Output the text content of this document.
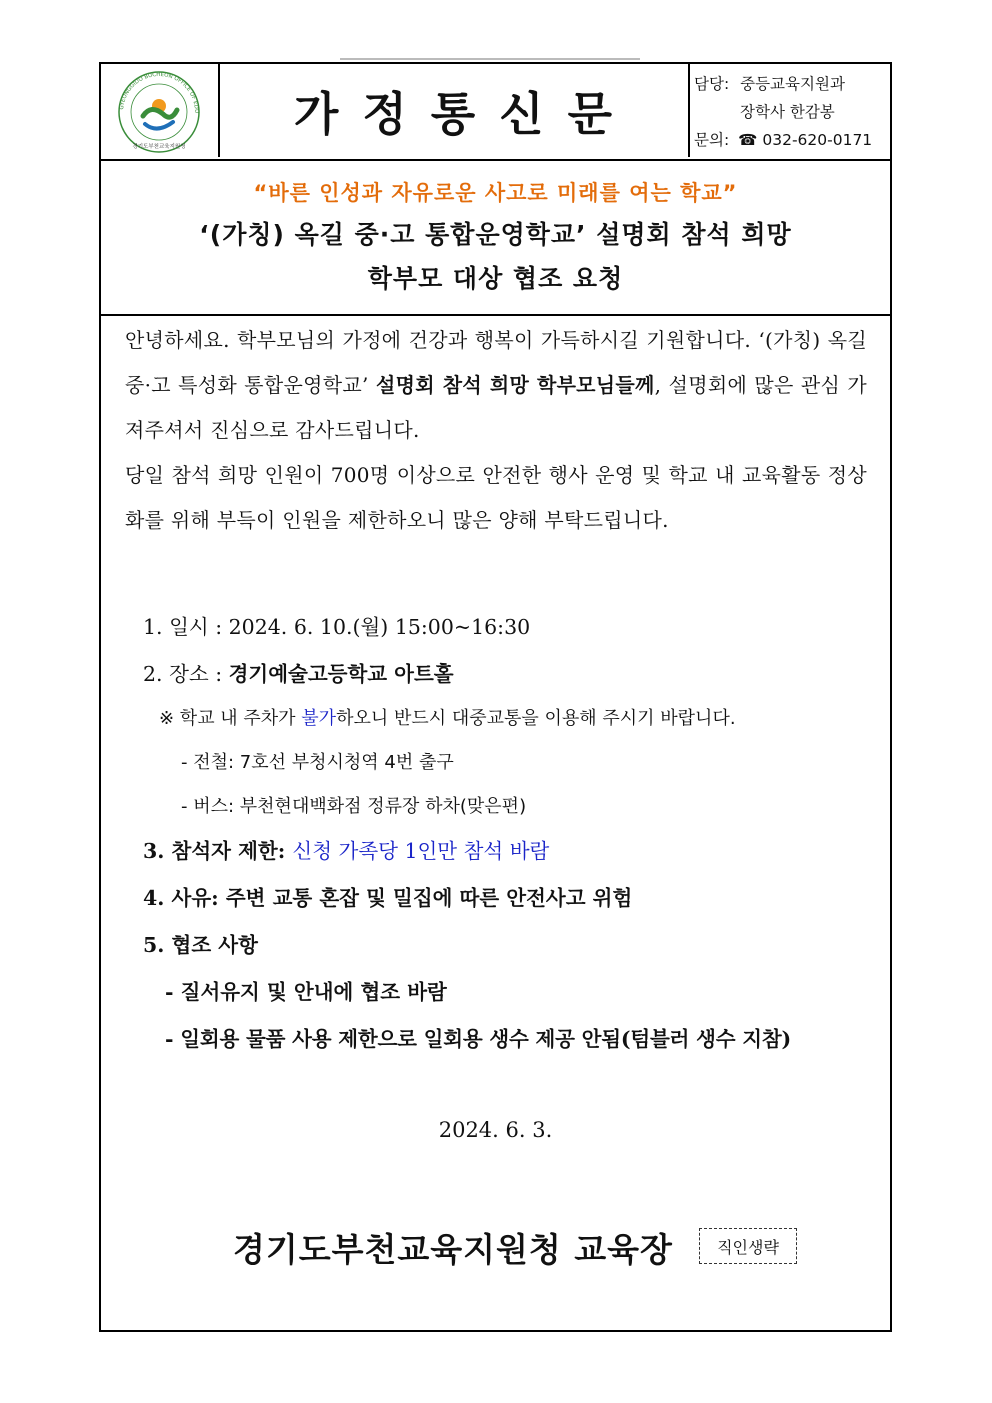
GYEONGGIDO BUCHEON OFFICE OF EDU
경기도부천교육지원청
가정통신문
담당: 중등교육지원과
장학사 한감봉
문의: ☎ 032-620-0171
“바른 인성과 자유로운 사고로 미래를 여는 학교”
‘(가칭) 옥길 중·고 통합운영학교’ 설명회 참석 희망
학부모 대상 협조 요청
안녕하세요. 학부모님의 가정에 건강과 행복이 가득하시길 기원합니다. ‘(가칭) 옥길 중·고 특성화 통합운영학교’ 설명회 참석 희망 학부모님들께, 설명회에 많은 관심 가져주셔서 진심으로 감사드립니다.
당일 참석 희망 인원이 700명 이상으로 안전한 행사 운영 및 학교 내 교육활동 정상화를 위해 부득이 인원을 제한하오니 많은 양해 부탁드립니다.
1. 일시 : 2024. 6. 10.(월) 15:00~16:30
2. 장소 : 경기예술고등학교 아트홀
※ 학교 내 주차가 불가하오니 반드시 대중교통을 이용해 주시기 바랍니다.
- 전철: 7호선 부청시청역 4번 출구
- 버스: 부천현대백화점 정류장 하차(맞은편)
3. 참석자 제한: 신청 가족당 1인만 참석 바람
4. 사유: 주변 교통 혼잡 및 밀집에 따른 안전사고 위험
5. 협조 사항
- 질서유지 및 안내에 협조 바람
- 일회용 물품 사용 제한으로 일회용 생수 제공 안됨(텀블러 생수 지참)
2024. 6. 3.
경기도부천교육지원청 교육장	직인생략
